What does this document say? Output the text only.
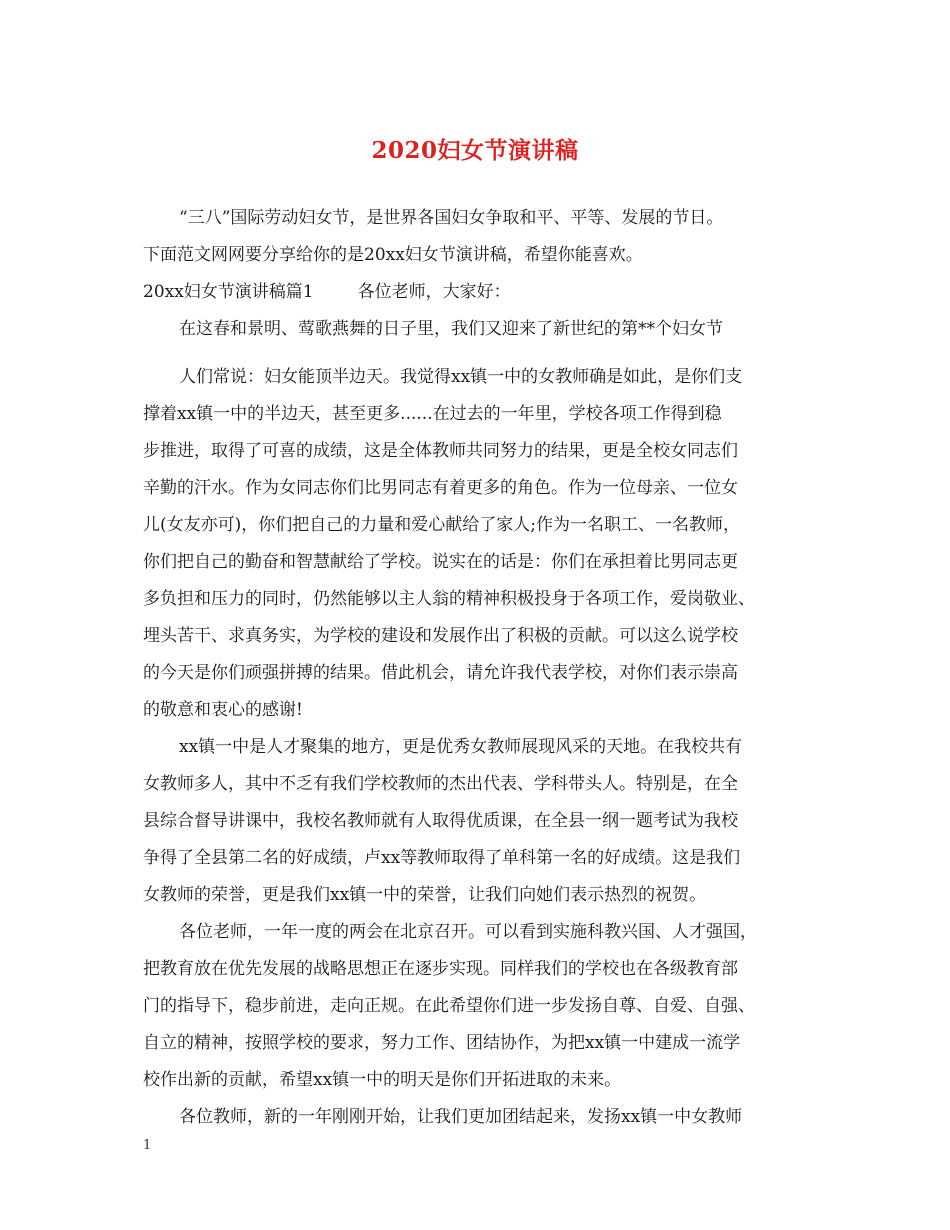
2020妇女节演讲稿
“三八”国际劳动妇女节，是世界各国妇女争取和平、平等、发展的节日。
下面范文网网要分享给你的是20xx妇女节演讲稿，希望你能喜欢。
20xx妇女节演讲稿篇1	各位老师，大家好：
在这春和景明、莺歌燕舞的日子里，我们又迎来了新世纪的第**个妇女节
人们常说：妇女能顶半边天。我觉得xx镇一中的女教师确是如此，是你们支
撑着xx镇一中的半边天，甚至更多......在过去的一年里，学校各项工作得到稳
步推进，取得了可喜的成绩，这是全体教师共同努力的结果，更是全校女同志们
辛勤的汗水。作为女同志你们比男同志有着更多的角色。作为一位母亲、一位女
儿(女友亦可)，你们把自己的力量和爱心献给了家人;作为一名职工、一名教师，
你们把自己的勤奋和智慧献给了学校。说实在的话是：你们在承担着比男同志更
多负担和压力的同时，仍然能够以主人翁的精神积极投身于各项工作，爱岗敬业、
埋头苦干、求真务实，为学校的建设和发展作出了积极的贡献。可以这么说学校
的今天是你们顽强拼搏的结果。借此机会，请允许我代表学校，对你们表示崇高
的敬意和衷心的感谢!
xx镇一中是人才聚集的地方，更是优秀女教师展现风采的天地。在我校共有
女教师多人，其中不乏有我们学校教师的杰出代表、学科带头人。特别是，在全
县综合督导讲课中，我校名教师就有人取得优质课，在全县一纲一题考试为我校
争得了全县第二名的好成绩，卢xx等教师取得了单科第一名的好成绩。这是我们
女教师的荣誉，更是我们xx镇一中的荣誉，让我们向她们表示热烈的祝贺。
各位老师，一年一度的两会在北京召开。可以看到实施科教兴国、人才强国，
把教育放在优先发展的战略思想正在逐步实现。同样我们的学校也在各级教育部
门的指导下，稳步前进，走向正规。在此希望你们进一步发扬自尊、自爱、自强、
自立的精神，按照学校的要求，努力工作、团结协作，为把xx镇一中建成一流学
校作出新的贡献，希望xx镇一中的明天是你们开拓进取的未来。
各位教师，新的一年刚刚开始，让我们更加团结起来，发扬xx镇一中女教师
1
